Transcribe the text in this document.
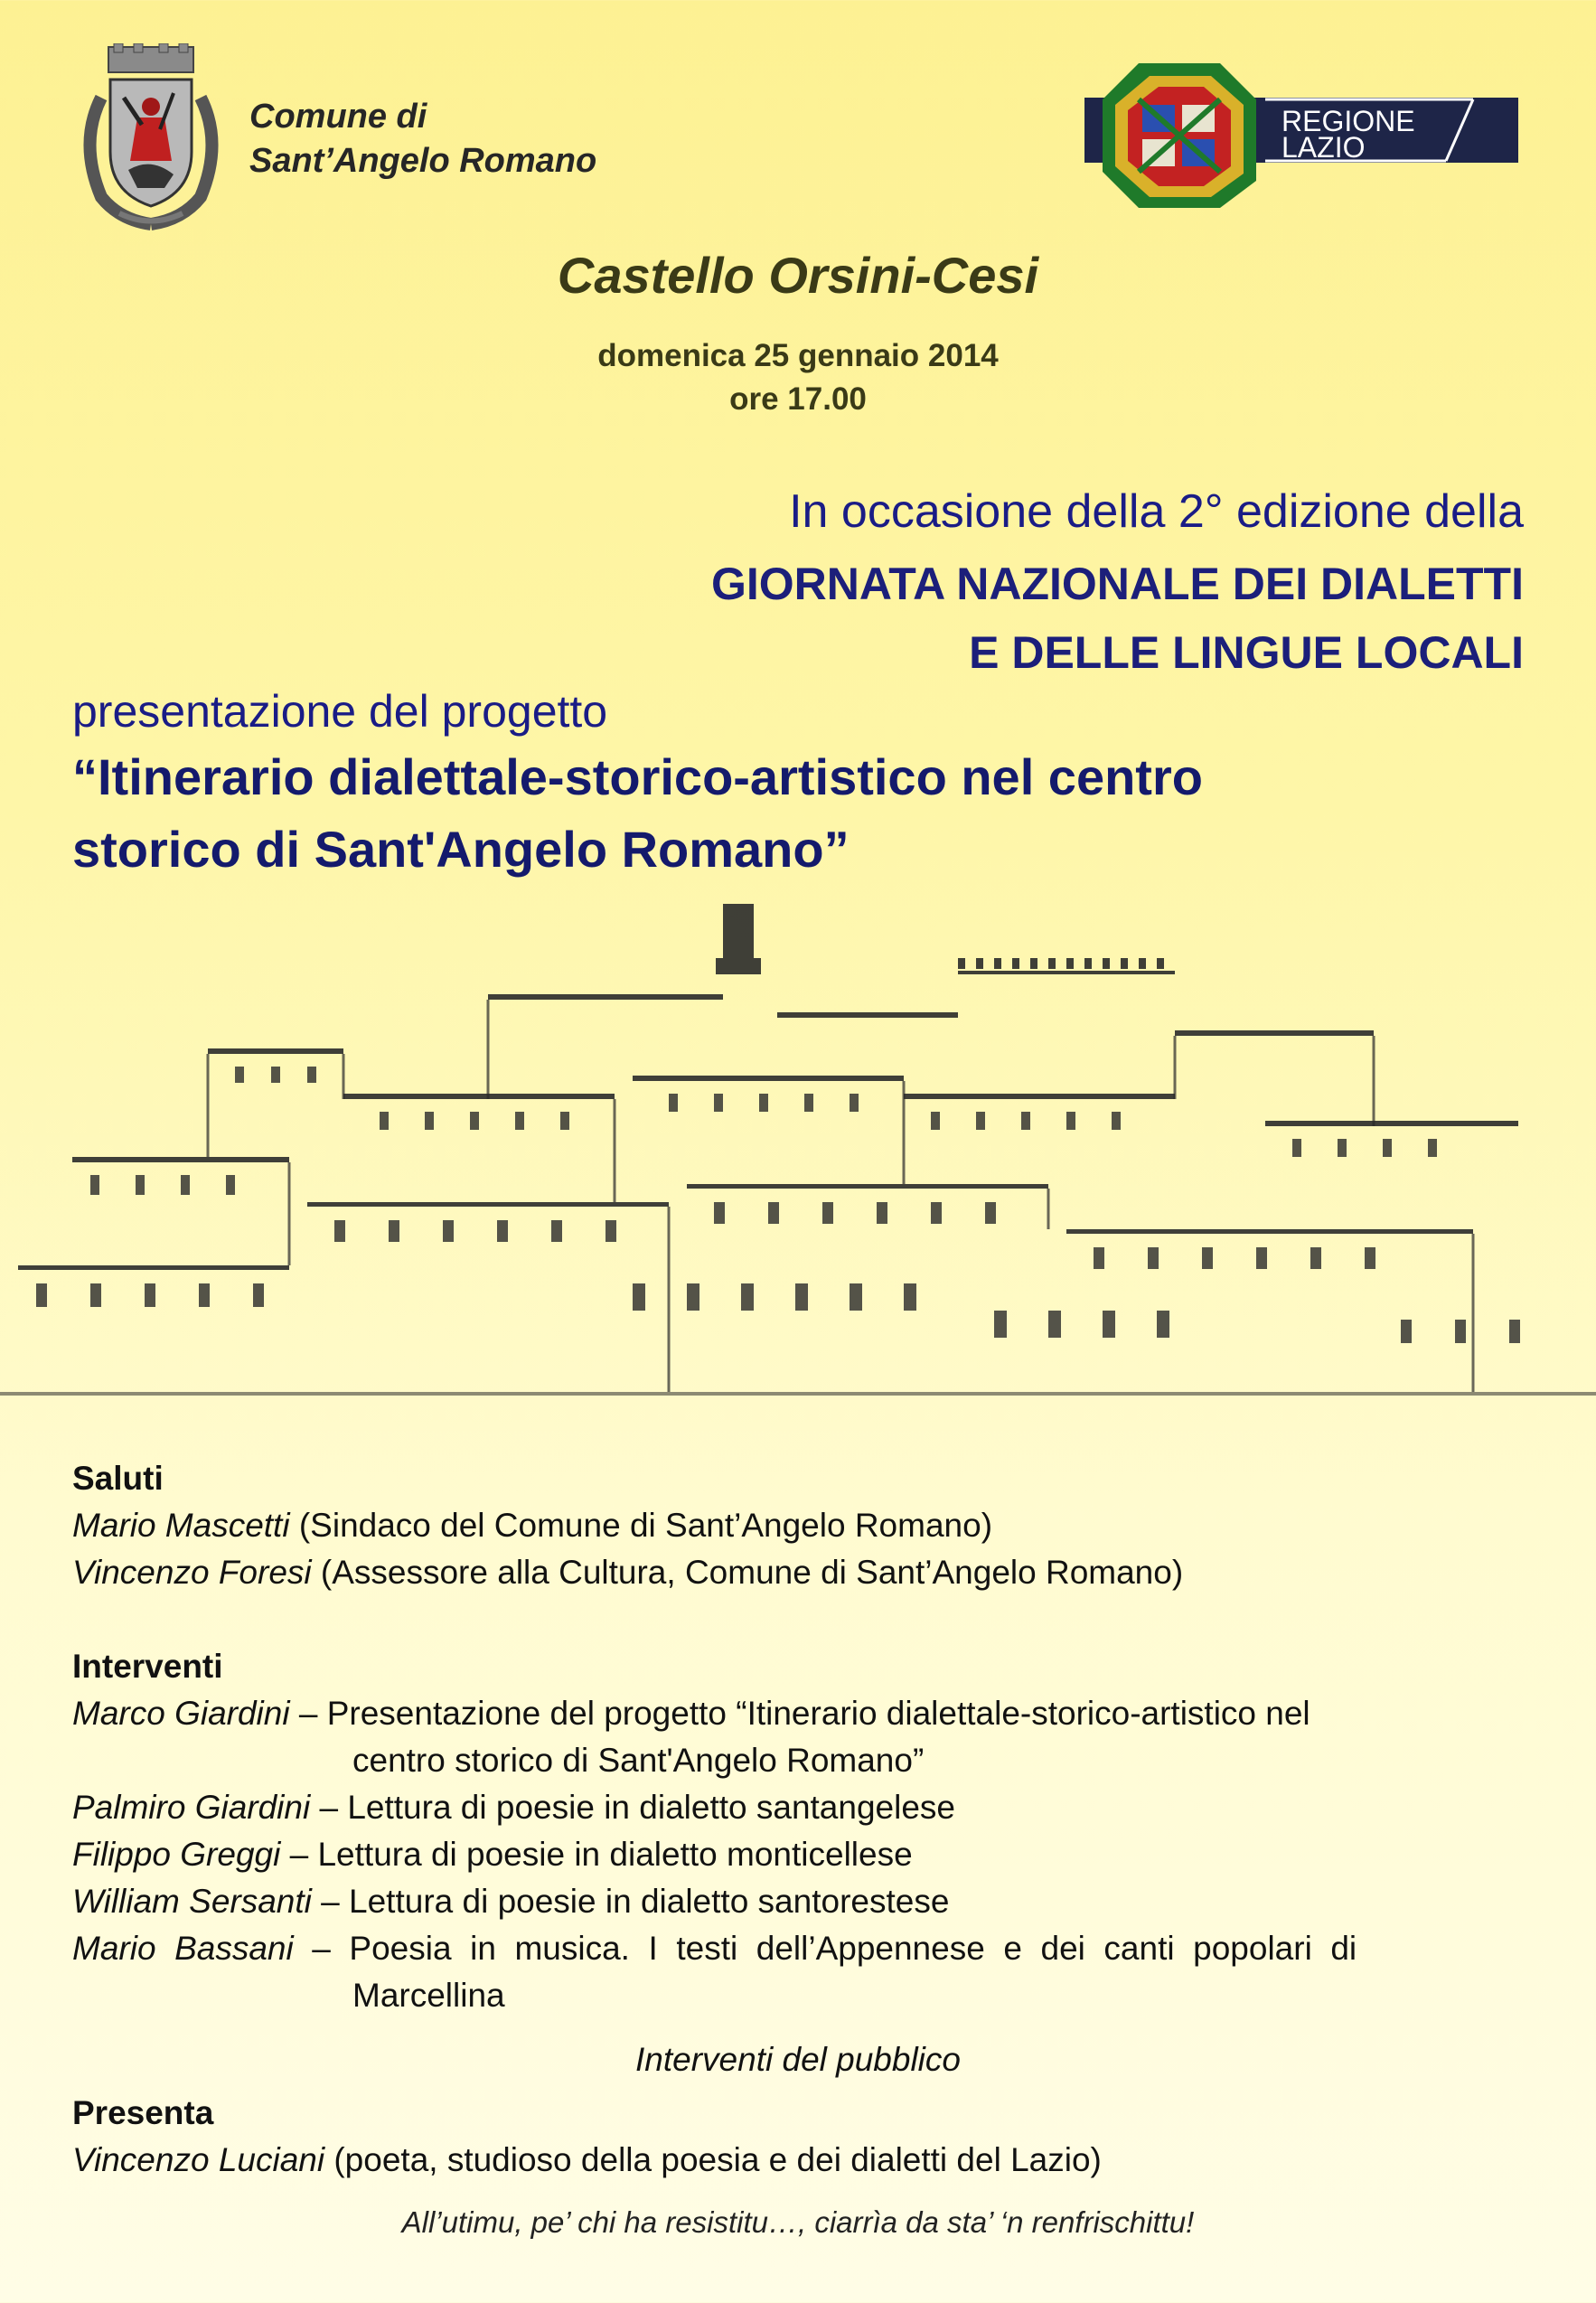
Comune di
Sant’Angelo Romano
REGIONE
LAZIO
Castello Orsini-Cesi
domenica 25 gennaio 2014
ore 17.00
In occasione della 2° edizione della
GIORNATA NAZIONALE DEI DIALETTI
E DELLE LINGUE LOCALI
presentazione del progetto
“Itinerario dialettale-storico-artistico nel centro
storico di Sant'Angelo Romano”
Saluti
Mario Mascetti (Sindaco del Comune di Sant’Angelo Romano)
Vincenzo Foresi (Assessore alla Cultura, Comune di Sant’Angelo Romano)
Interventi
Marco Giardini – Presentazione del progetto “Itinerario dialettale-storico-artistico nel
centro storico di Sant'Angelo Romano”
Palmiro Giardini – Lettura di poesie in dialetto santangelese
Filippo Greggi – Lettura di poesie in dialetto monticellese
William Sersanti – Lettura di poesie in dialetto santorestese
Mario  Bassani  –  Poesia  in  musica.  I  testi  dell’Appennese  e  dei  canti  popolari  di
Marcellina
Interventi del pubblico
Presenta
Vincenzo Luciani (poeta, studioso della poesia e dei dialetti del Lazio)
All’utimu, pe’ chi ha resistitu…, ciarrìa da sta’ ‘n renfrischittu!
